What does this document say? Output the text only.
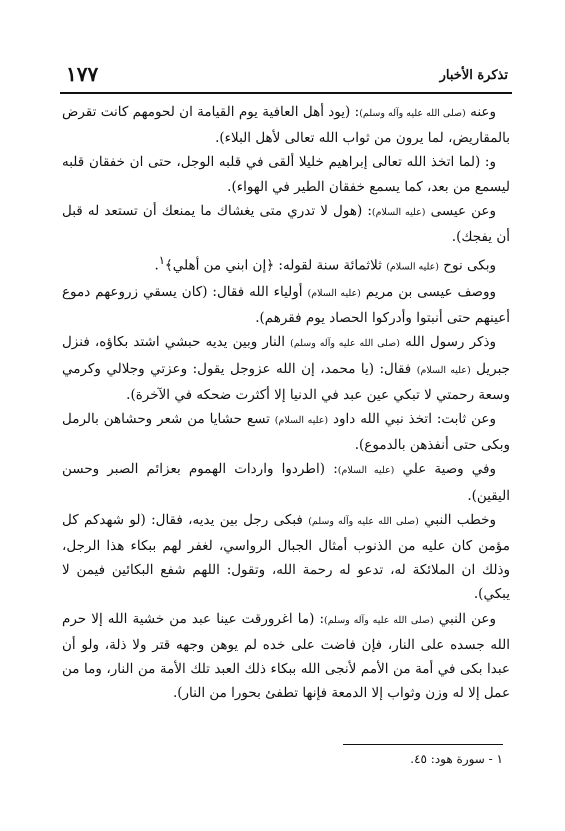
تذكرة الأخبار
١٧٧

وعنه (صلى الله عليه وآله وسلم): (يود أهل العافية يوم القيامة ان لحومهم كانت تقرض بالمقاريض، لما يرون من ثواب الله تعالى لأهل البلاء).

و: (لما اتخذ الله تعالى إبراهيم خليلا ألقى في قلبه الوجل، حتى ان خفقان قلبه ليسمع من بعد، كما يسمع خفقان الطير في الهواء).

وعن عيسى (عليه السلام): (هول لا تدري متى يغشاك ما يمنعك أن تستعد له قبل أن يفجك).

وبكى نوح (عليه السلام) ثلاثمائة سنة لقوله: ﴿إن ابني من أهلي﴾$^١$.

ووصف عيسى بن مريم (عليه السلام) أولياء الله فقال: (كان يسقي زروعهم دموع أعينهم حتى أنبتوا وأدركوا الحصاد يوم فقرهم).

وذكر رسول الله (صلى الله عليه وآله وسلم) النار وبين يديه حبشي اشتد بكاؤه، فنزل جبريل (عليه السلام) فقال: (يا محمد، إن الله عزوجل يقول: وعزتي وجلالي وكرمي وسعة رحمتي لا تبكي عين عبد في الدنيا إلا أكثرت ضحكه في الآخرة).

وعن ثابت: اتخذ نبي الله داود (عليه السلام) تسع حشايا من شعر وحشاهن بالرمل وبكى حتى أنفذهن بالدموع).

وفي وصية علي (عليه السلام): (اطردوا واردات الهموم بعزائم الصبر وحسن اليقين).

وخطب النبي (صلى الله عليه وآله وسلم) فبكى رجل بين يديه، فقال: (لو شهدكم كل مؤمن كان عليه من الذنوب أمثال الجبال الرواسي، لغفر لهم ببكاء هذا الرجل، وذلك ان الملائكة له، تدعو له رحمة الله، وتقول: اللهم شفع البكائين فيمن لا يبكي).

وعن النبي (صلى الله عليه وآله وسلم): (ما اغرورقت عينا عبد من خشية الله إلا حرم الله جسده على النار، فإن فاضت على خده لم يوهن وجهه قتر ولا ذلة، ولو أن عبدا بكى في أمة من الأمم لأنجى الله ببكاء ذلك العبد تلك الأمة من النار، وما من عمل إلا له وزن وثواب إلا الدمعة فإنها تطفئ بحورا من النار).

١ - سورة هود: ٤٥.
